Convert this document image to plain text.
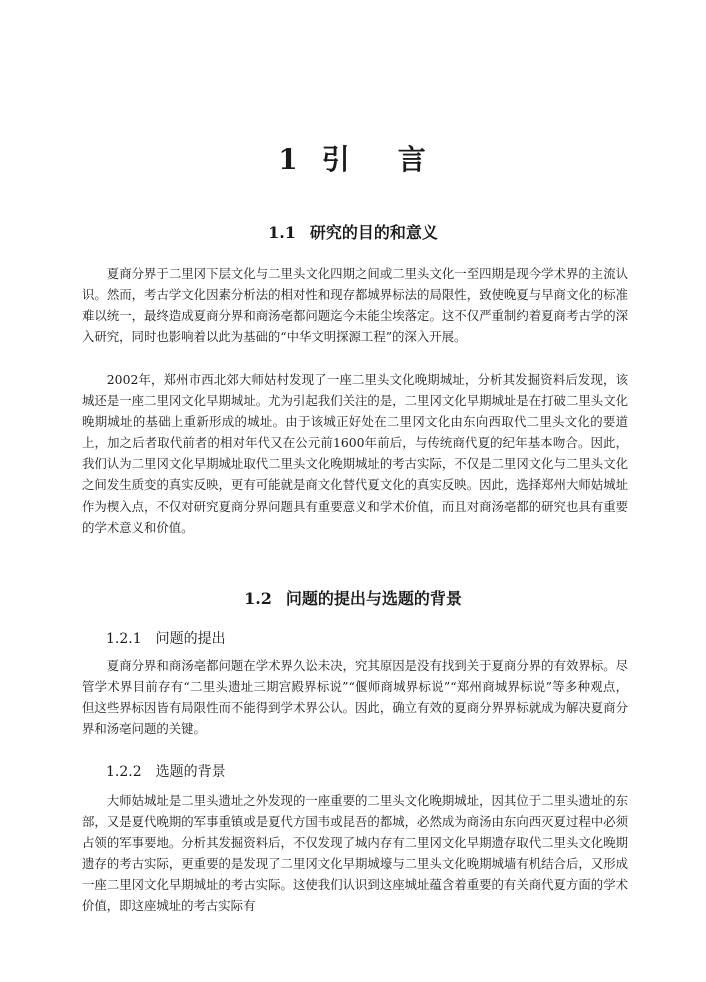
1 引 言
1.1 研究的目的和意义

夏商分界于二里冈下层文化与二里头文化四期之间或二里头文化一至四期是现今学术界的主流认识。然而，考古学文化因素分析法的相对性和现存都城界标法的局限性，致使晚夏与早商文化的标准难以统一，最终造成夏商分界和商汤亳都问题迄今未能尘埃落定。这不仅严重制约着夏商考古学的深入研究，同时也影响着以此为基础的“中华文明探源工程”的深入开展。

2002年，郑州市西北郊大师姑村发现了一座二里头文化晚期城址，分析其发掘资料后发现，该城还是一座二里冈文化早期城址。尤为引起我们关注的是，二里冈文化早期城址是在打破二里头文化晚期城址的基础上重新形成的城址。由于该城正好处在二里冈文化由东向西取代二里头文化的要道上，加之后者取代前者的相对年代又在公元前1600年前后，与传统商代夏的纪年基本吻合。因此，我们认为二里冈文化早期城址取代二里头文化晚期城址的考古实际，不仅是二里冈文化与二里头文化之间发生质变的真实反映，更有可能就是商文化替代夏文化的真实反映。因此，选择郑州大师姑城址作为楔入点，不仅对研究夏商分界问题具有重要意义和学术价值，而且对商汤亳都的研究也具有重要的学术意义和价值。

1.2 问题的提出与选题的背景
1.2.1 问题的提出

夏商分界和商汤亳都问题在学术界久讼未决，究其原因是没有找到关于夏商分界的有效界标。尽管学术界目前存有“二里头遗址三期宫殿界标说”“偃师商城界标说”“郑州商城界标说”等多种观点，但这些界标因皆有局限性而不能得到学术界公认。因此，确立有效的夏商分界界标就成为解决夏商分界和汤亳问题的关键。

1.2.2 选题的背景

大师姑城址是二里头遗址之外发现的一座重要的二里头文化晚期城址，因其位于二里头遗址的东部，又是夏代晚期的军事重镇或是夏代方国韦或昆吾的都城，必然成为商汤由东向西灭夏过程中必须占领的军事要地。分析其发掘资料后，不仅发现了城内存有二里冈文化早期遗存取代二里头文化晚期遗存的考古实际，更重要的是发现了二里冈文化早期城壕与二里头文化晚期城墙有机结合后，又形成一座二里冈文化早期城址的考古实际。这使我们认识到这座城址蕴含着重要的有关商代夏方面的学术价值，即这座城址的考古实际有
